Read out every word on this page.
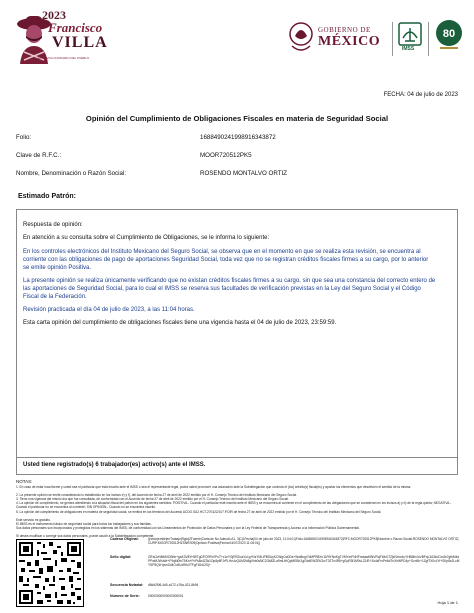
2023
Francisco
VILLA
EL REVOLUCIONARIO DEL PUEBLO
GOBIERNO DE
MÉXICO	IMSS
80
FECHA: 04 de julio de 2023
Opinión del Cumplimiento de Obligaciones Fiscales en materia de Seguridad Social
Folio:	1688490241998916343872
Clave de R.F.C.:	MOOR720512PK5
Nombre, Denominación o Razón Social:	ROSENDO MONTALVO ORTIZ
Estimado Patrón:
Respuesta de opinión:
En atención a su consulta sobre el Cumplimiento de Obligaciones, se le informa lo siguiente:
En los controles electrónicos del Instituto Mexicano del Seguro Social, se observa que en el momento en que se realiza esta revisión, se encuentra al
corriente con las obligaciones de pago de aportaciones Seguridad Social, toda vez que no se registran créditos fiscales firmes a su cargo, por lo anterior
se emite opinión Positiva.
La presente opinión se realiza únicamente verificando que no existan créditos fiscales firmes a su cargo, sin que sea una constancia del correcto entero de
las aportaciones de Seguridad Social, para lo cual el IMSS se reserva sus facultades de verificación previstas en la Ley del Seguro Social y el Código
Fiscal de la Federación.
Revisión practicada el día 04 de julio de 2023, a las 11:04 horas.
Esta carta opinión del cumplimiento de obligaciones fiscales tiene una vigencia hasta el 04 de julio de 2023, 23:59:59.
Usted tiene registrado(s) 6 trabajador(es) activo(s) ante el IMSS.
NOTAS:
1. En caso de estar inconforme y usted sea el particular que está inscrito ante el IMSS o sea el representante legal, podrá usted promover una aclaración ante la Subdelegación que controla el (los) crédito(s) fiscal(es) y aportar los elementos que desvirtúen el sentido de la misma.
2. La presente opinión se emite considerando lo establecido en los incisos e) y f), del Acuerdo de fecha 27 de abril de 2022 emitido por el H. Consejo Técnico del Instituto Mexicano del Seguro Social.
3. Tiene una vigencia del mismo día que fue consultada, de conformidad con el Acuerdo de fecha 27 de abril de 2022 emitido por el H. Consejo Técnico del Instituto Mexicano del Seguro Social.
4. La opinión de cumplimiento, se genera atendiendo a la situación fiscal del patrón en los siguientes sentidos: POSITIVA.- Cuando el particular esté inscrito ante el IMSS y se encuentra al corriente en el cumplimiento de las obligaciones que se consideran en los incisos a) y b) de la regla quinta; NEGATIVA.- Cuando el particular no se encuentra al corriente; SIN OPINIÓN.- Cuando no se encuentra inscrito.
5. La opinión del cumplimiento de obligaciones en materia de seguridad social, se emitirá en los términos del Acuerdo ACDO.SA2.HCT.270422/107.P.DIR de fecha 27 de abril de 2022 emitido por el H. Consejo Técnico del Instituto Mexicano del Seguro Social.
Este servicio es gratuito.
El IMSS es el instrumento básico de seguridad social para todos los trabajadores y sus familias.
Sus datos personales son incorporados y protegidos en los sistemas del IMSS, de conformidad con los Lineamientos de Protección de Datos Personales y con la Ley Federal de Transparencia y Acceso a la Información Pública Gubernamental.
Si desea modificar o corregir sus datos personales, puede acudir a la Subdelegación competente.
Cadena Original:	||rvicio|emitir|enTrabajo|Rgto|2Fuente|Carta de No Adeudo A1, 3|C|1Fecha|04 de julio de 2023, 11:04:01|Folio:1688490241998916343872|RFC:MOOR720512PK5|Nombre o Razon Social:ROSENDO MONTALVO ORTIZ|CURP:MOOR720512HZSNRS09|Opinion:Positiva|Fecha:04/07/2023 11:04:01||
Sello digital:	ZiFaGvNMMXDBhh+gaK3V8YHWTgDPCRRrVPoT+c1eYGjRSDusYu1g+NzYMLiPBSUyKCWgCsl0Ds+Ww8ngr7dMPR8Xn11RfYNnKgTVMYmFNHFmdawKBtVRqFWu0TZjWJmx4uYHBMh4oVBFqL3A3ktJ1mJk7gtbM4dPPwMJWuWr+F9qM0fnT5Kn+FvPk8x4Z3k1Op8p8FJrPLHn4vQUM2h8gXhb0s5iC2Gk8ZLa9mLtHQpMEBK1gGbdEWZEtCkvT02Tn4R6+gSpR3f1M0vLZ1fE+Zs4sFrxPe6dTnXhWPD4y+Gcn5h+1ZgfTX0xLYf+SKp8s2LcMYSP5Q1HpvnZd4Cu9UzRrb2TFgF1fkU2Sj+
Secuencia Notarial: d5dd2f06-4d0-a172-c76a-421-8b94
Número de Serie:	00000000000000000001
Hoja 1 de 1
